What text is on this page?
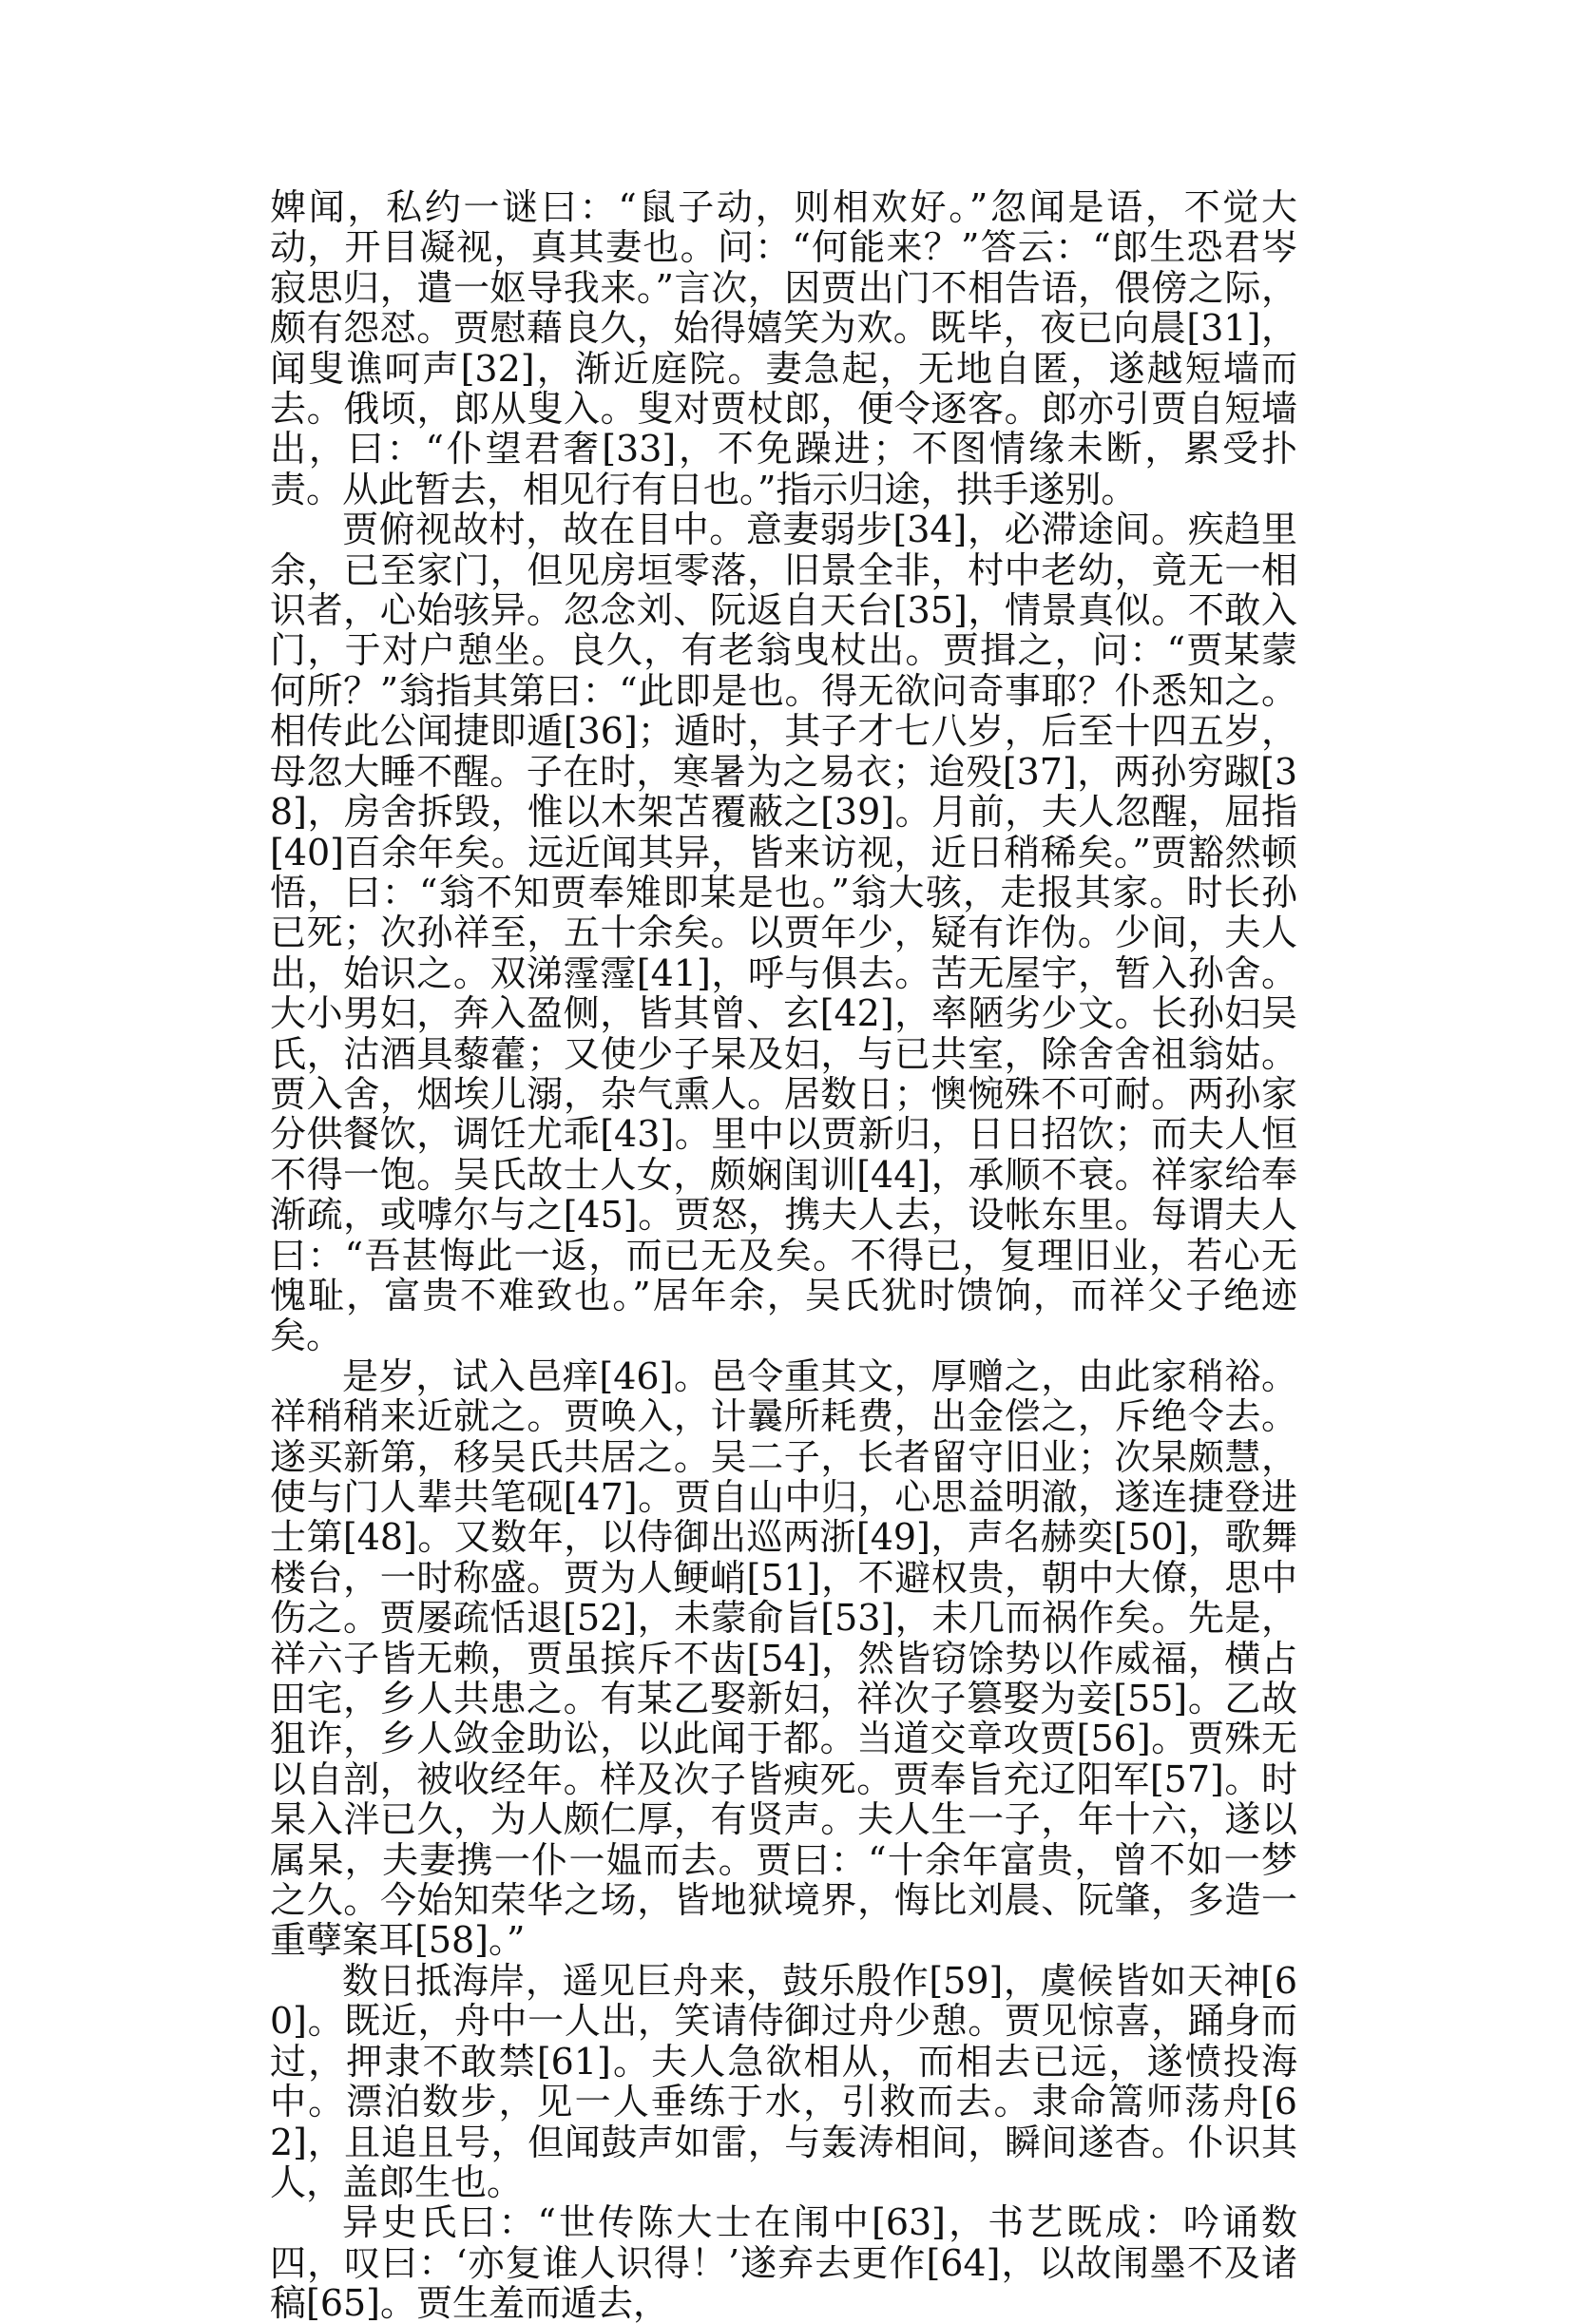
婢闻，私约一谜曰：“鼠子动，则相欢好。”忽闻是语，不觉大动，开目凝视，真其妻也。问：“何能来？”答云：“郎生恐君岑寂思归，遣一妪导我来。”言次，因贾出门不相告语，偎傍之际，颇有怨怼。贾慰藉良久，始得嬉笑为欢。既毕，夜已向晨[31]，闻叟谯呵声[32]，渐近庭院。妻急起，无地自匿，遂越短墙而去。俄顷，郎从叟入。叟对贾杖郎，便令逐客。郎亦引贾自短墙出，曰：“仆望君奢[33]，不免躁进；不图情缘未断，累受扑责。从此暂去，相见行有日也。”指示归途，拱手遂别。

贾俯视故村，故在目中。意妻弱步[34]，必滞途间。疾趋里余，已至家门，但见房垣零落，旧景全非，村中老幼，竟无一相识者，心始骇异。忽念刘、阮返自天台[35]，情景真似。不敢入门，于对户憩坐。良久，有老翁曳杖出。贾揖之，问：“贾某蒙何所？”翁指其第曰：“此即是也。得无欲问奇事耶？仆悉知之。相传此公闻捷即遁[36]；遁时，其子才七八岁，后至十四五岁，母忽大睡不醒。子在时，寒暑为之易衣；迨殁[37]，两孙穷踧[38]，房舍拆毁，惟以木架苫覆蔽之[39]。月前，夫人忽醒，屈指[40]百余年矣。远近闻其异，皆来访视，近日稍稀矣。”贾豁然顿悟，曰：“翁不知贾奉雉即某是也。”翁大骇，走报其家。时长孙已死；次孙祥至，五十余矣。以贾年少，疑有诈伪。少间，夫人出，始识之。双涕霪霪[41]，呼与俱去。苦无屋宇，暂入孙舍。大小男妇，奔入盈侧，皆其曾、玄[42]，率陋劣少文。长孙妇吴氏，沽酒具藜藿；又使少子杲及妇，与已共室，除舍舍祖翁姑。贾入舍，烟埃儿溺，杂气熏人。居数日；懊惋殊不可耐。两孙家分供餐饮，调饪尤乖[43]。里中以贾新归，日日招饮；而夫人恒不得一饱。吴氏故士人女，颇娴闺训[44]，承顺不衰。祥家给奉渐疏，或嘑尔与之[45]。贾怒，携夫人去，设帐东里。每谓夫人曰：“吾甚悔此一返，而已无及矣。不得已，复理旧业，若心无愧耻，富贵不难致也。”居年余，吴氏犹时馈饷，而祥父子绝迹矣。

是岁，试入邑痒[46]。邑令重其文，厚赠之，由此家稍裕。祥稍稍来近就之。贾唤入，计曩所耗费，出金偿之，斥绝令去。遂买新第，移吴氏共居之。吴二子，长者留守旧业；次杲颇慧，使与门人辈共笔砚[47]。贾自山中归，心思益明澈，遂连捷登进士第[48]。又数年，以侍御出巡两浙[49]，声名赫奕[50]，歌舞楼台，一时称盛。贾为人鲠峭[51]，不避权贵，朝中大僚，思中伤之。贾屡疏恬退[52]，未蒙俞旨[53]，未几而祸作矣。先是，祥六子皆无赖，贾虽摈斥不齿[54]，然皆窃馀势以作威福，横占田宅，乡人共患之。有某乙娶新妇，祥次子篡娶为妾[55]。乙故狙诈，乡人敛金助讼，以此闻于都。当道交章攻贾[56]。贾殊无以自剖，被收经年。样及次子皆瘐死。贾奉旨充辽阳军[57]。时杲入泮已久，为人颇仁厚，有贤声。夫人生一子，年十六，遂以属杲，夫妻携一仆一媪而去。贾曰：“十余年富贵，曾不如一梦之久。今始知荣华之场，皆地狱境界，悔比刘晨、阮肇，多造一重孽案耳[58]。”

数日抵海岸，遥见巨舟来，鼓乐殷作[59]，虞候皆如天神[60]。既近，舟中一人出，笑请侍御过舟少憩。贾见惊喜，踊身而过，押隶不敢禁[61]。夫人急欲相从，而相去已远，遂愤投海中。漂泊数步，见一人垂练于水，引救而去。隶命篙师荡舟[62]，且追且号，但闻鼓声如雷，与轰涛相间，瞬间遂杳。仆识其人，盖郎生也。

异史氏曰：“世传陈大士在闱中[63]，书艺既成：吟诵数四，叹曰：‘亦复谁人识得！’遂弃去更作[64]，以故闱墨不及诸稿[65]。贾生羞而遁去，
